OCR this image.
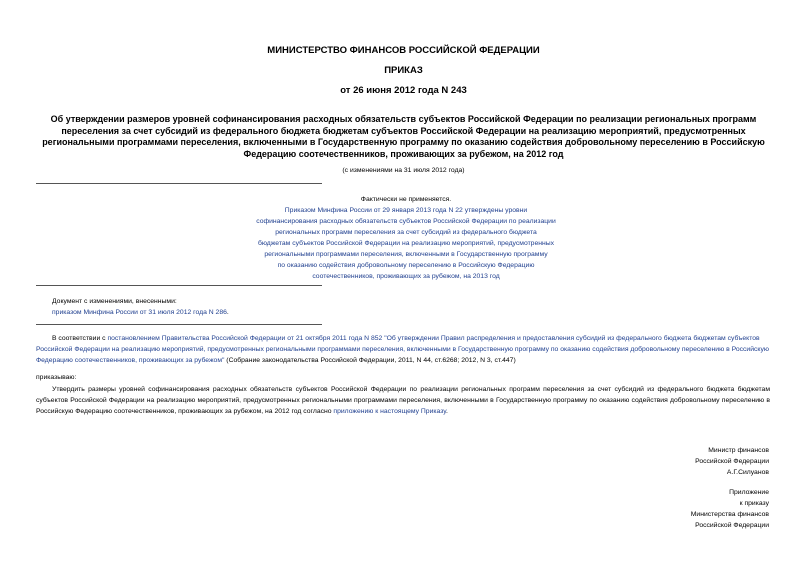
МИНИСТЕРСТВО ФИНАНСОВ РОССИЙСКОЙ ФЕДЕРАЦИИ
ПРИКАЗ
от 26 июня 2012 года N 243
Об утверждении размеров уровней софинансирования расходных обязательств субъектов Российской Федерации по реализации региональных программ переселения за счет субсидий из федерального бюджета бюджетам субъектов Российской Федерации на реализацию мероприятий, предусмотренных региональными программами переселения, включенными в Государственную программу по оказанию содействия добровольному переселению в Российскую Федерацию соотечественников, проживающих за рубежом, на 2012 год
(с изменениями на 31 июля 2012 года)
Фактически не применяется.
Приказом Минфина России от 29 января 2013 года N 22 утверждены уровни
софинансирования расходных обязательств субъектов Российской Федерации по реализации
региональных программ переселения за счет субсидий из федерального бюджета
бюджетам субъектов Российской Федерации на реализацию мероприятий, предусмотренных
региональными программами переселения, включенными в Государственную программу
по оказанию содействия добровольному переселению в Российскую Федерацию
соотечественников, проживающих за рубежом, на 2013 год
Документ с изменениями, внесенными:
приказом Минфина России от 31 июля 2012 года N 286.
В соответствии с постановлением Правительства Российской Федерации от 21 октября 2011 года N 852 "Об утверждении Правил распределения и предоставления субсидий из федерального бюджета бюджетам субъектов Российской Федерации на реализацию мероприятий, предусмотренных региональными программами переселения, включенными в Государственную программу по оказанию содействия добровольному переселению в Российскую Федерацию соотечественников, проживающих за рубежом" (Собрание законодательства Российской Федерации, 2011, N 44, ст.6268; 2012, N 3, ст.447)
приказываю:
Утвердить размеры уровней софинансирования расходных обязательств субъектов Российской Федерации по реализации региональных программ переселения за счет субсидий из федерального бюджета бюджетам субъектов Российской Федерации на реализацию мероприятий, предусмотренных региональными программами переселения, включенными в Государственную программу по оказанию содействия добровольному переселению в Российскую Федерацию соотечественников, проживающих за рубежом, на 2012 год согласно приложению к настоящему Приказу.
Министр финансов
Российской Федерации
А.Г.Силуанов
Приложение
к приказу
Министерства финансов
Российской Федерации
